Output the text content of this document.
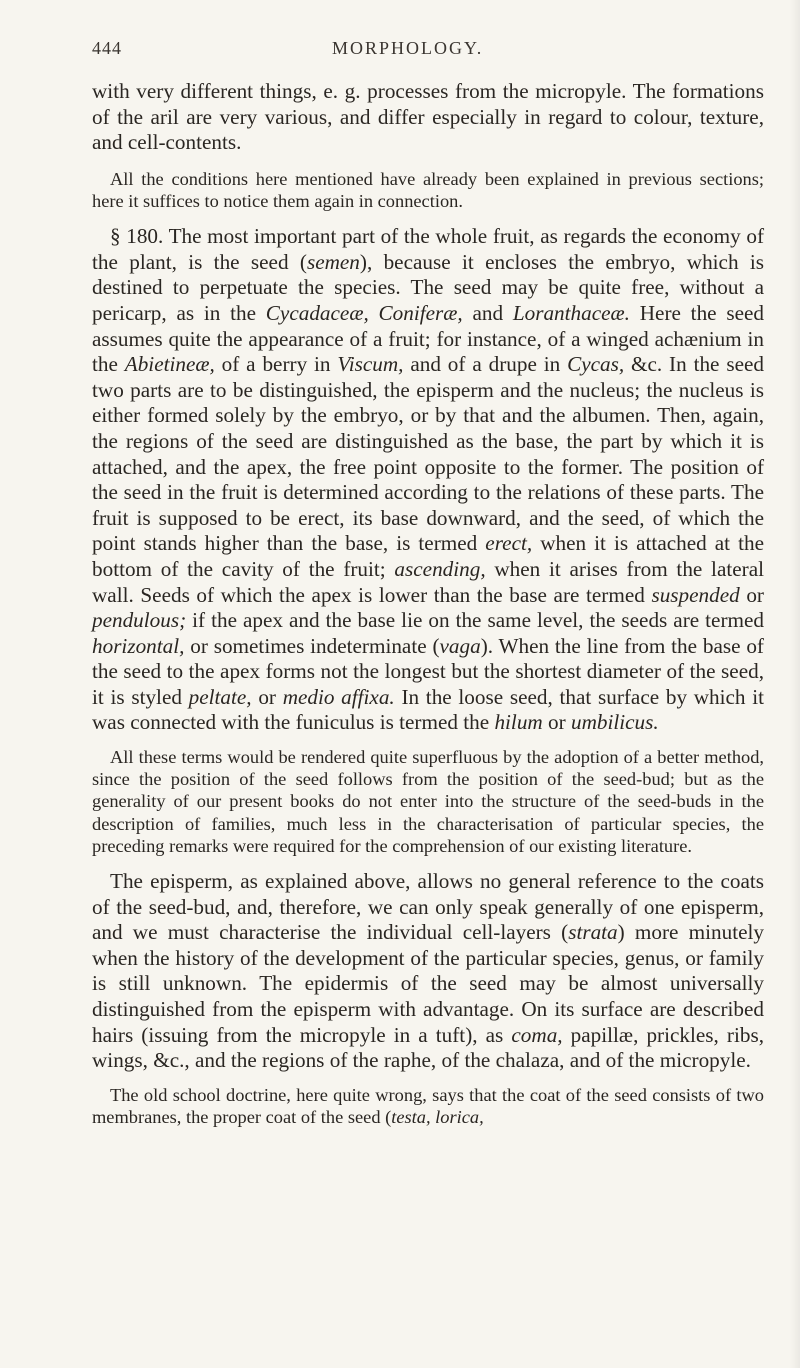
444	MORPHOLOGY.

with very different things, e. g. processes from the micropyle. The formations of the aril are very various, and differ especially in regard to colour, texture, and cell-contents.

All the conditions here mentioned have already been explained in previous sections; here it suffices to notice them again in connection.

§ 180. The most important part of the whole fruit, as regards the economy of the plant, is the seed (semen), because it encloses the embryo, which is destined to perpetuate the species. The seed may be quite free, without a pericarp, as in the Cycadaceæ, Coniferæ, and Loranthaceæ. Here the seed assumes quite the appearance of a fruit; for instance, of a winged achænium in the Abietineæ, of a berry in Viscum, and of a drupe in Cycas, &c. In the seed two parts are to be distinguished, the episperm and the nucleus; the nucleus is either formed solely by the embryo, or by that and the albumen. Then, again, the regions of the seed are distinguished as the base, the part by which it is attached, and the apex, the free point opposite to the former. The position of the seed in the fruit is determined according to the relations of these parts. The fruit is supposed to be erect, its base downward, and the seed, of which the point stands higher than the base, is termed erect, when it is attached at the bottom of the cavity of the fruit; ascending, when it arises from the lateral wall. Seeds of which the apex is lower than the base are termed suspended or pendulous; if the apex and the base lie on the same level, the seeds are termed horizontal, or sometimes indeterminate (vaga). When the line from the base of the seed to the apex forms not the longest but the shortest diameter of the seed, it is styled peltate, or medio affixa. In the loose seed, that surface by which it was connected with the funiculus is termed the hilum or umbilicus.

All these terms would be rendered quite superfluous by the adoption of a better method, since the position of the seed follows from the position of the seed-bud; but as the generality of our present books do not enter into the structure of the seed-buds in the description of families, much less in the characterisation of particular species, the preceding remarks were required for the comprehension of our existing literature.

The episperm, as explained above, allows no general reference to the coats of the seed-bud, and, therefore, we can only speak generally of one episperm, and we must characterise the individual cell-layers (strata) more minutely when the history of the development of the particular species, genus, or family is still unknown. The epidermis of the seed may be almost universally distinguished from the episperm with advantage. On its surface are described hairs (issuing from the micropyle in a tuft), as coma, papillæ, prickles, ribs, wings, &c., and the regions of the raphe, of the chalaza, and of the micropyle.

The old school doctrine, here quite wrong, says that the coat of the seed consists of two membranes, the proper coat of the seed (testa, lorica,
